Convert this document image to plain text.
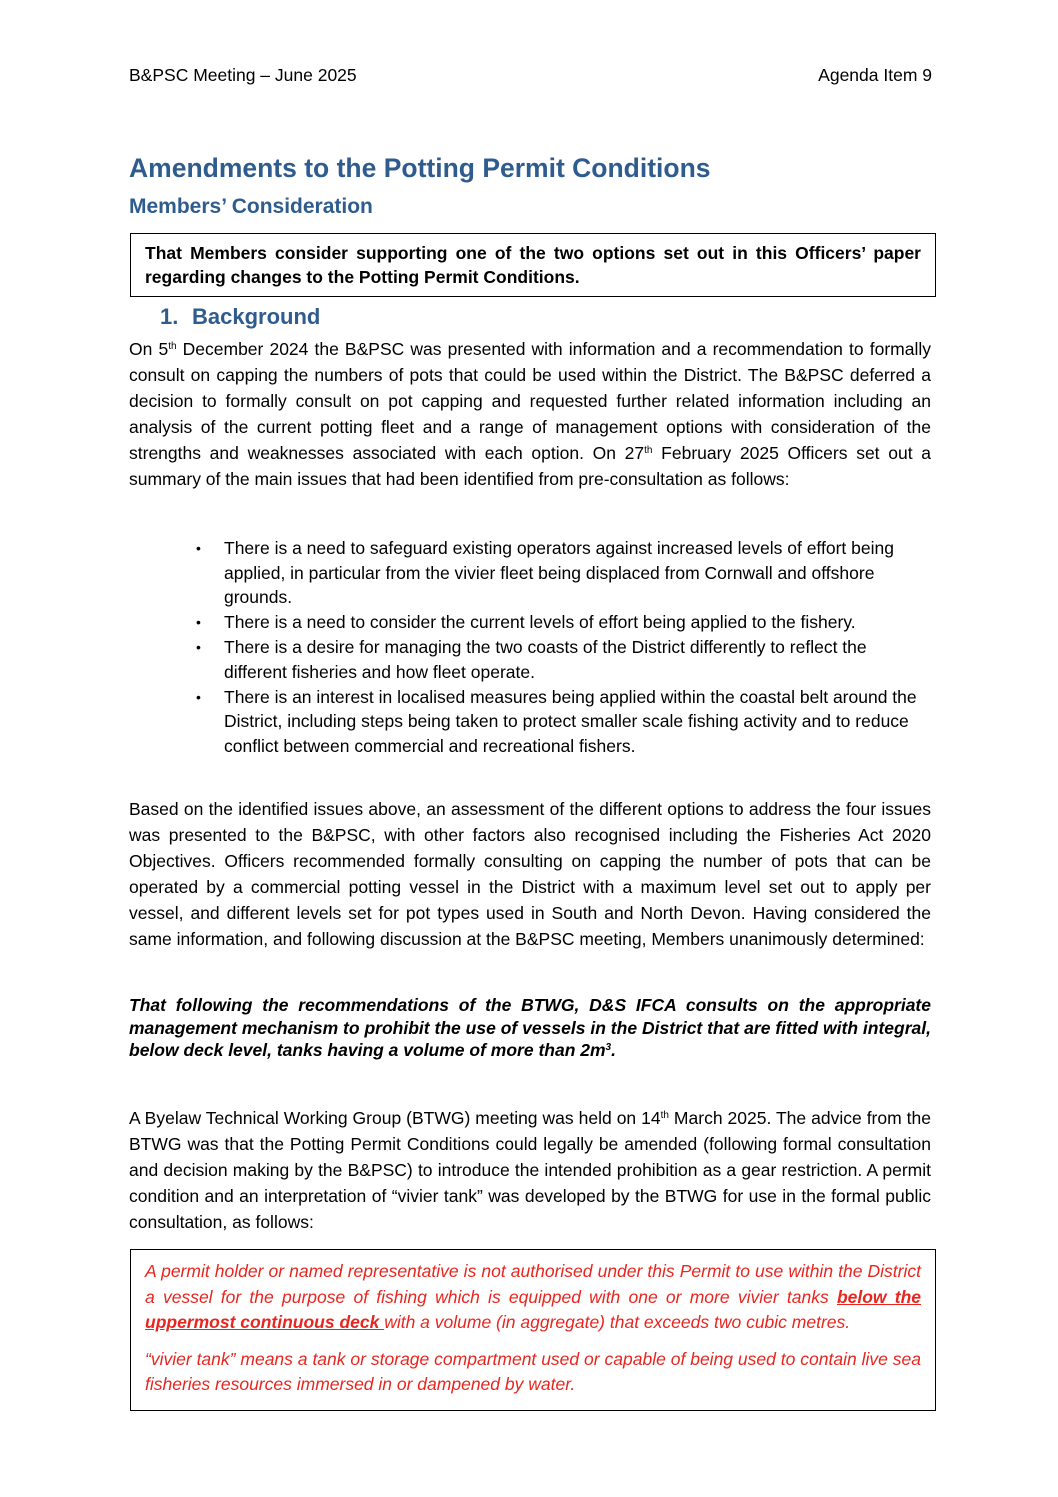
B&PSC Meeting – June 2025	Agenda Item 9
Amendments to the Potting Permit Conditions
Members’ Consideration
That Members consider supporting one of the two options set out in this Officers’ paper regarding changes to the Potting Permit Conditions.
1. Background

On 5th December 2024 the B&PSC was presented with information and a recommendation to formally consult on capping the numbers of pots that could be used within the District. The B&PSC deferred a decision to formally consult on pot capping and requested further related information including an analysis of the current potting fleet and a range of management options with consideration of the strengths and weaknesses associated with each option. On 27th February 2025 Officers set out a summary of the main issues that had been identified from pre-consultation as follows:

• There is a need to safeguard existing operators against increased levels of effort being applied, in particular from the vivier fleet being displaced from Cornwall and offshore grounds.
• There is a need to consider the current levels of effort being applied to the fishery.
• There is a desire for managing the two coasts of the District differently to reflect the different fisheries and how fleet operate.
• There is an interest in localised measures being applied within the coastal belt around the District, including steps being taken to protect smaller scale fishing activity and to reduce conflict between commercial and recreational fishers.

Based on the identified issues above, an assessment of the different options to address the four issues was presented to the B&PSC, with other factors also recognised including the Fisheries Act 2020 Objectives. Officers recommended formally consulting on capping the number of pots that can be operated by a commercial potting vessel in the District with a maximum level set out to apply per vessel, and different levels set for pot types used in South and North Devon. Having considered the same information, and following discussion at the B&PSC meeting, Members unanimously determined:

That following the recommendations of the BTWG, D&S IFCA consults on the appropriate management mechanism to prohibit the use of vessels in the District that are fitted with integral, below deck level, tanks having a volume of more than $2m^3$.

A Byelaw Technical Working Group (BTWG) meeting was held on 14th March 2025. The advice from the BTWG was that the Potting Permit Conditions could legally be amended (following formal consultation and decision making by the B&PSC) to introduce the intended prohibition as a gear restriction. A permit condition and an interpretation of “vivier tank” was developed by the BTWG for use in the formal public consultation, as follows:

A permit holder or named representative is not authorised under this Permit to use within the District a vessel for the purpose of fishing which is equipped with one or more vivier tanks below the uppermost continuous deck with a volume (in aggregate) that exceeds two cubic metres.

“vivier tank” means a tank or storage compartment used or capable of being used to contain live sea fisheries resources immersed in or dampened by water.
